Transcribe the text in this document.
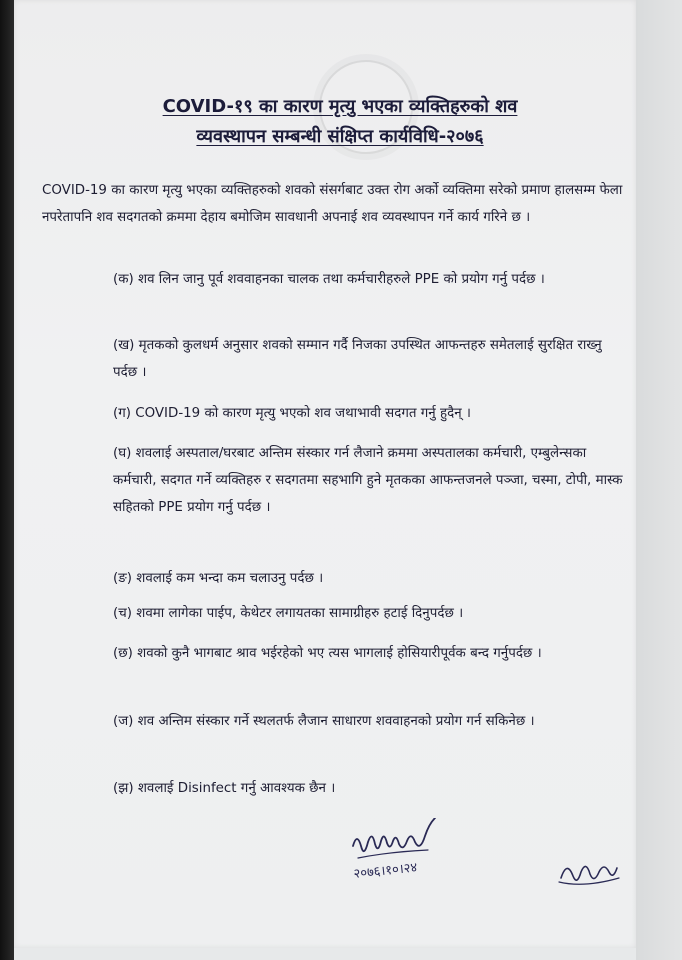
COVID-१९ का कारण मृत्यु भएका व्यक्तिहरुको शव
व्यवस्थापन सम्बन्धी संक्षिप्त कार्यविधि-२०७६
COVID-19 का कारण मृत्यु भएका व्यक्तिहरुको शवको संसर्गबाट उक्त रोग अर्को व्यक्तिमा सरेको प्रमाण हालसम्म फेला नपरेतापनि शव सदगतको क्रममा देहाय बमोजिम सावधानी अपनाई शव व्यवस्थापन गर्ने कार्य गरिने छ ।
(क) शव लिन जानु पूर्व शववाहनका चालक तथा कर्मचारीहरुले PPE को प्रयोग गर्नु पर्दछ ।
(ख) मृतकको कुलधर्म अनुसार शवको सम्मान गर्दै निजका उपस्थित आफन्तहरु समेतलाई सुरक्षित राख्नु पर्दछ ।
(ग) COVID-19 को कारण मृत्यु भएको शव जथाभावी सदगत गर्नु हुदैन् ।
(घ) शवलाई अस्पताल/घरबाट अन्तिम संस्कार गर्न लैजाने क्रममा अस्पतालका कर्मचारी, एम्बुलेन्सका कर्मचारी, सदगत गर्ने व्यक्तिहरु र सदगतमा सहभागि हुने मृतकका आफन्तजनले पञ्जा, चस्मा, टोपी, मास्क सहितको PPE प्रयोग गर्नु पर्दछ ।
(ङ) शवलाई कम भन्दा कम चलाउनु पर्दछ ।
(च) शवमा लागेका पाईप, केथेटर लगायतका सामाग्रीहरु हटाई दिनुपर्दछ ।
(छ) शवको कुनै भागबाट श्राव भईरहेको भए त्यस भागलाई होसियारीपूर्वक बन्द गर्नुपर्दछ ।
(ज) शव अन्तिम संस्कार गर्ने स्थलतर्फ लैजान साधारण शववाहनको प्रयोग गर्न सकिनेछ ।
(झ) शवलाई Disinfect गर्नु आवश्यक छैन ।
२०७६।१०।२४
